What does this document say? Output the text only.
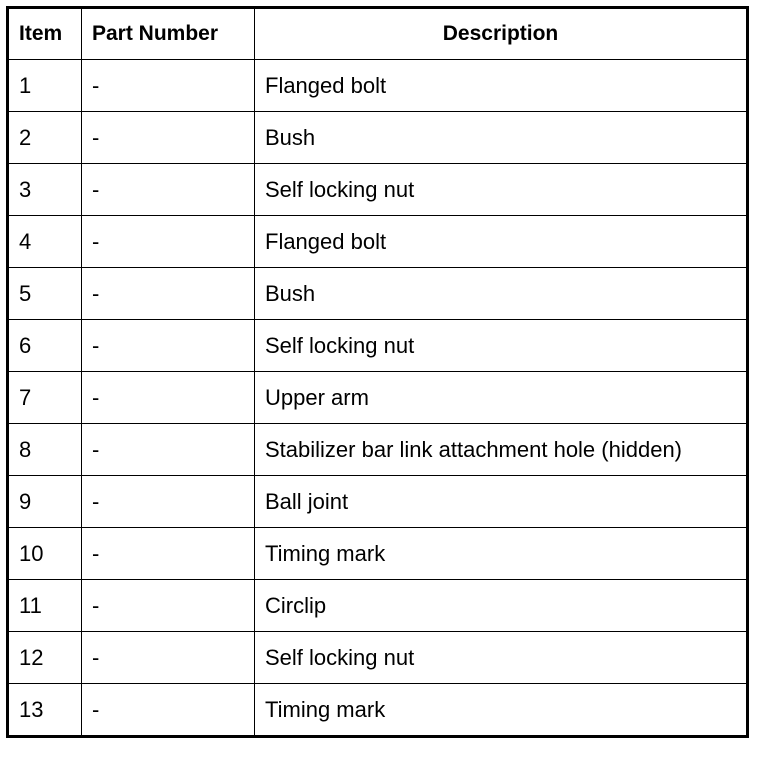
Item	Part Number	Description
1	-	Flanged bolt
2	-	Bush
3	-	Self locking nut
4	-	Flanged bolt
5	-	Bush
6	-	Self locking nut
7	-	Upper arm
8	-	Stabilizer bar link attachment hole (hidden)
9	-	Ball joint
10	-	Timing mark
11	-	Circlip
12	-	Self locking nut
13	-	Timing mark
